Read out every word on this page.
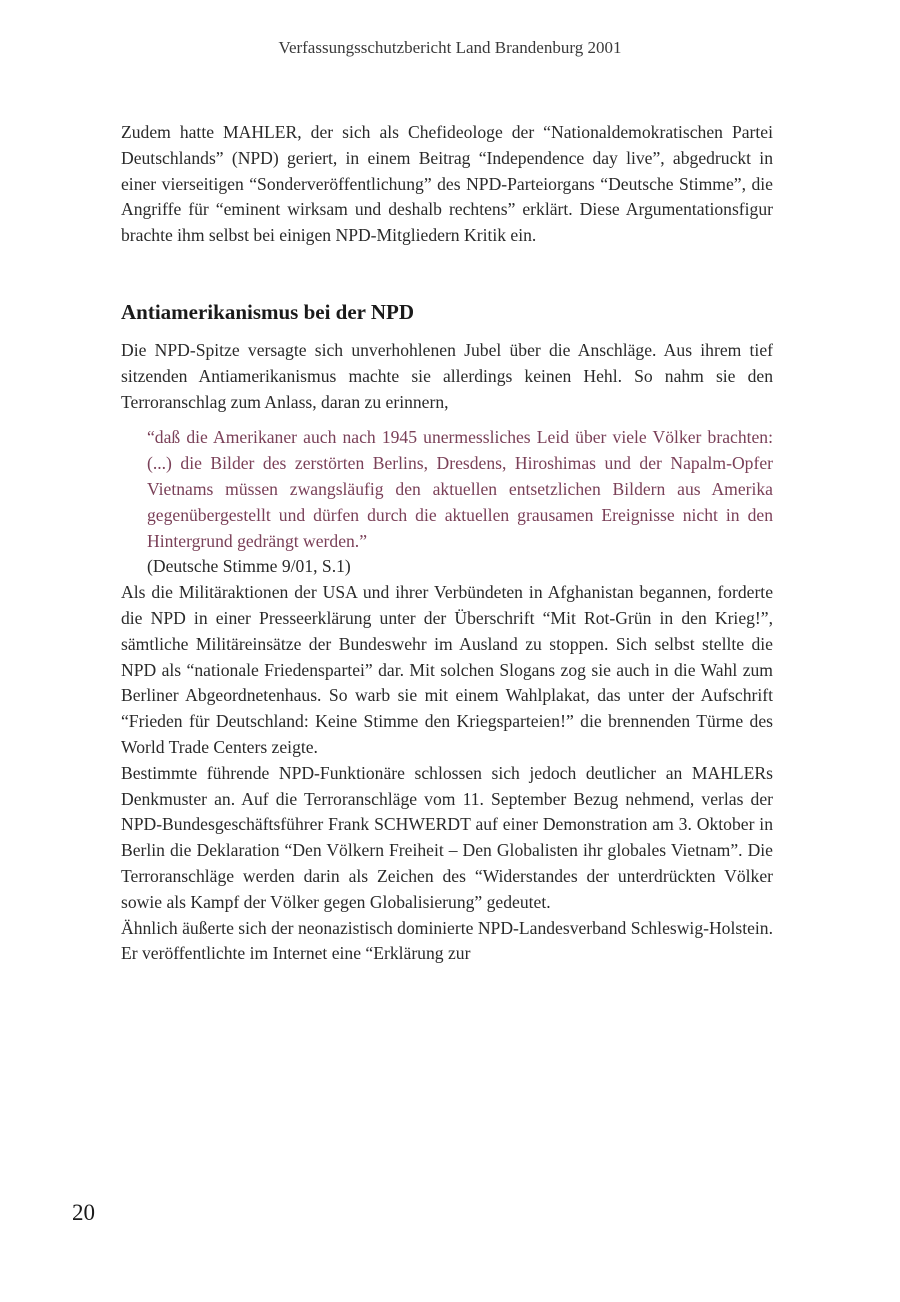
Verfassungsschutzbericht Land Brandenburg 2001

Zudem hatte MAHLER, der sich als Chefideologe der “Nationaldemokratischen Partei Deutschlands” (NPD) geriert, in einem Beitrag “Independence day live”, abgedruckt in einer vierseitigen “Sonderveröffentlichung” des NPD-Parteiorgans “Deutsche Stimme”, die Angriffe für “eminent wirksam und deshalb rechtens” erklärt. Diese Argumentationsfigur brachte ihm selbst bei einigen NPD-Mitgliedern Kritik ein.

Antiamerikanismus bei der NPD

Die NPD-Spitze versagte sich unverhohlenen Jubel über die Anschläge. Aus ihrem tief sitzenden Antiamerikanismus machte sie allerdings keinen Hehl. So nahm sie den Terroranschlag zum Anlass, daran zu erinnern,

“daß die Amerikaner auch nach 1945 unermessliches Leid über viele Völker brachten: (...) die Bilder des zerstörten Berlins, Dresdens, Hiroshimas und der Napalm-Opfer Vietnams müssen zwangsläufig den aktuellen entsetzlichen Bildern aus Amerika gegenübergestellt und dürfen durch die aktuellen grausamen Ereignisse nicht in den Hintergrund gedrängt werden.”

(Deutsche Stimme 9/01, S.1)

Als die Militäraktionen der USA und ihrer Verbündeten in Afghanistan begannen, forderte die NPD in einer Presseerklärung unter der Überschrift “Mit Rot-Grün in den Krieg!”, sämtliche Militäreinsätze der Bundeswehr im Ausland zu stoppen. Sich selbst stellte die NPD als “nationale Friedenspartei” dar. Mit solchen Slogans zog sie auch in die Wahl zum Berliner Abgeordnetenhaus. So warb sie mit einem Wahlplakat, das unter der Aufschrift “Frieden für Deutschland: Keine Stimme den Kriegsparteien!” die brennenden Türme des World Trade Centers zeigte.

Bestimmte führende NPD-Funktionäre schlossen sich jedoch deutlicher an MAHLERs Denkmuster an. Auf die Terroranschläge vom 11. September Bezug nehmend, verlas der NPD-Bundesgeschäftsführer Frank SCHWERDT auf einer Demonstration am 3. Oktober in Berlin die Deklaration “Den Völkern Freiheit – Den Globalisten ihr globales Vietnam”. Die Terroranschläge werden darin als Zeichen des “Widerstandes der unterdrückten Völker sowie als Kampf der Völker gegen Globalisierung” gedeutet.

Ähnlich äußerte sich der neonazistisch dominierte NPD-Landesverband Schleswig-Holstein. Er veröffentlichte im Internet eine “Erklärung zur

20
